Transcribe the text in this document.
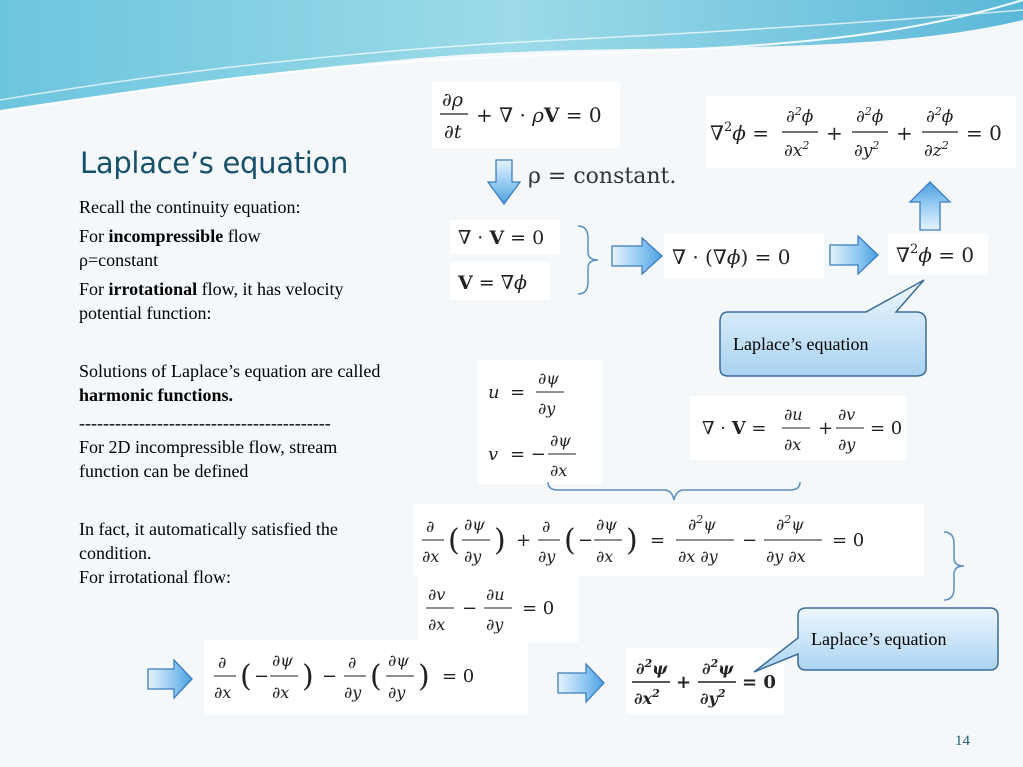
Laplace’s equation

Recall the continuity equation:

For incompressible flow

ρ=constant

For irrotational flow, it has velocity potential function:

Solutions of Laplace’s equation are called harmonic functions.

------------------------------------------

For 2D incompressible flow, stream function can be defined

In fact, it automatically satisfied the condition.

For irrotational flow:

∂ρ
∂t
+ ∇ · ρV = 0
∇$^2$ϕ =
∂$^2$ϕ
$\partial x^2$
+
∂$^2$ϕ
$\partial y^2$
+
∂$^2$ϕ
$\partial z^2$
= 0
ρ = constant.
∇ · V = 0
V = ∇ϕ
∇ · (∇ϕ) = 0	∇$^2$ϕ = 0
u =
∂ψ
∂y
v = −
∂ψ
∂x
∇ · V =
∂u
∂x
+
∂v
∂y
= 0
∂
∂x ( ∂ψ
∂y ) +
∂
∂y ( −
∂ψ
∂x ) =
∂$^2$ψ
∂x ∂y
−
∂$^2$ψ
∂y ∂x
= 0
∂v
∂x
−
∂u
∂y
= 0
∂
∂x ( −
∂ψ
∂x ) −
∂
∂y ( ∂ψ
∂y ) = 0	∂$^2$ψ
$\partial x^2$
+
∂$^2$ψ
$\partial y^2$
= 0
Laplace’s equation
Laplace’s equation
14
